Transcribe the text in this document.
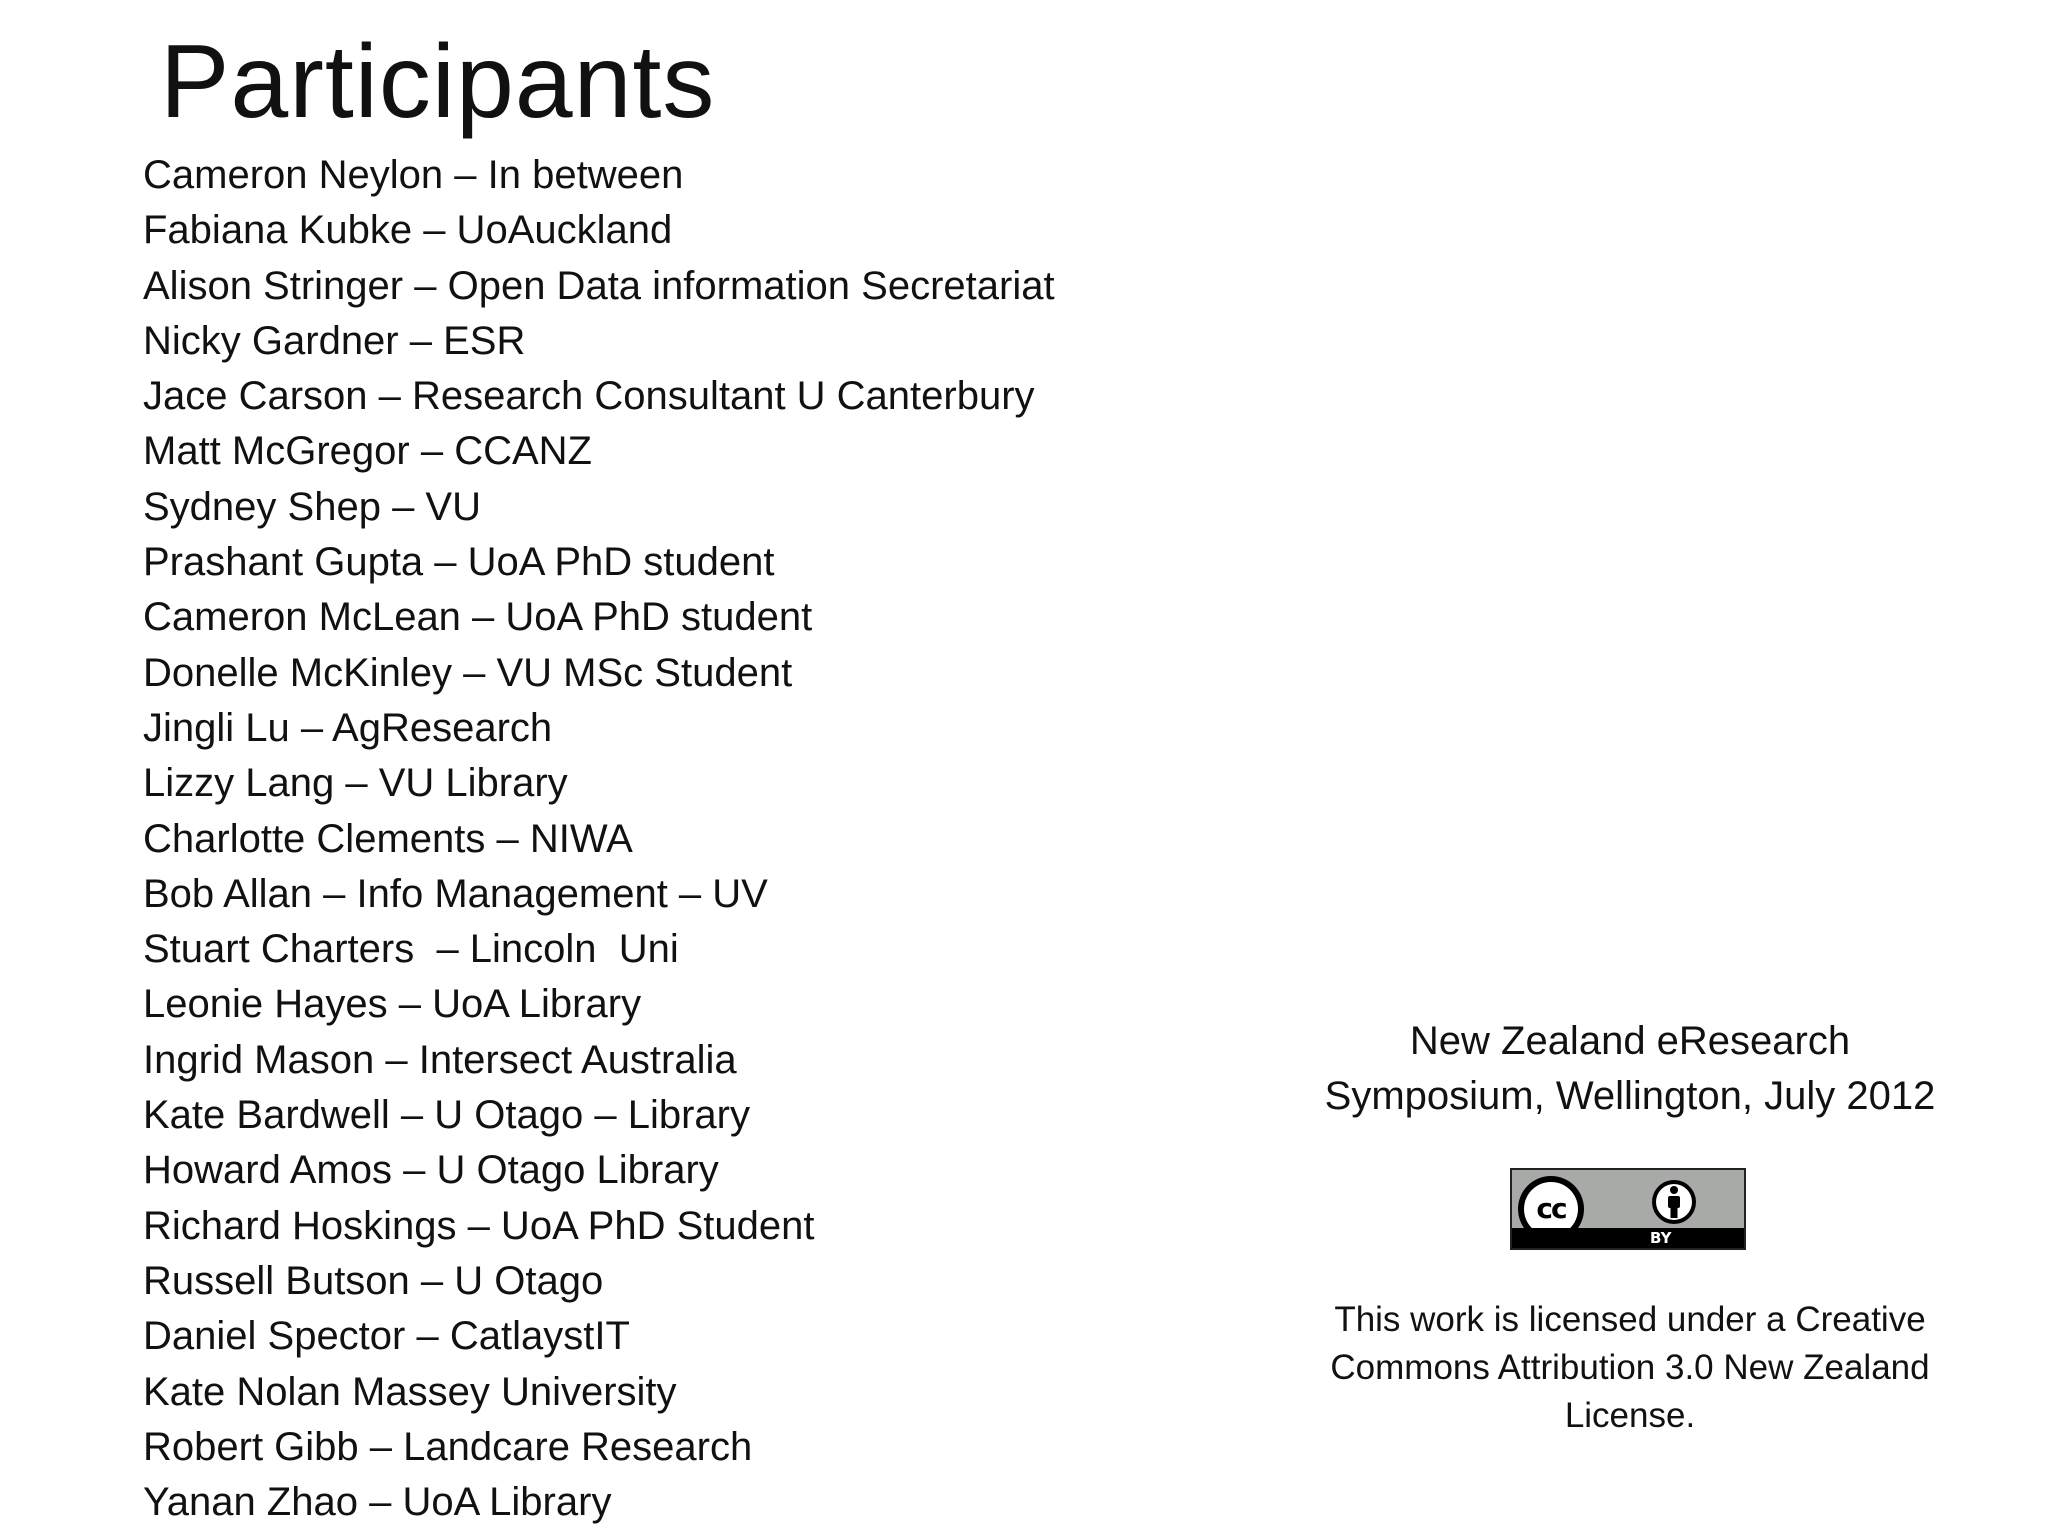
Participants
Cameron Neylon – In between
Fabiana Kubke – UoAuckland
Alison Stringer – Open Data information Secretariat
Nicky Gardner – ESR
Jace Carson – Research Consultant U Canterbury
Matt McGregor – CCANZ
Sydney Shep – VU
Prashant Gupta – UoA PhD student
Cameron McLean – UoA PhD student
Donelle McKinley – VU MSc Student
Jingli Lu – AgResearch
Lizzy Lang – VU Library
Charlotte Clements – NIWA
Bob Allan – Info Management – UV
Stuart Charters  – Lincoln  Uni
Leonie Hayes – UoA Library
Ingrid Mason – Intersect Australia
Kate Bardwell – U Otago – Library
Howard Amos – U Otago Library
Richard Hoskings – UoA PhD Student
Russell Butson – U Otago
Daniel Spector – CatlaystIT
Kate Nolan Massey University
Robert Gibb – Landcare Research
Yanan Zhao – UoA Library
New Zealand eResearch
Symposium, Wellington, July 2012
cc
BY
This work is licensed under a Creative
Commons Attribution 3.0 New Zealand
License.
